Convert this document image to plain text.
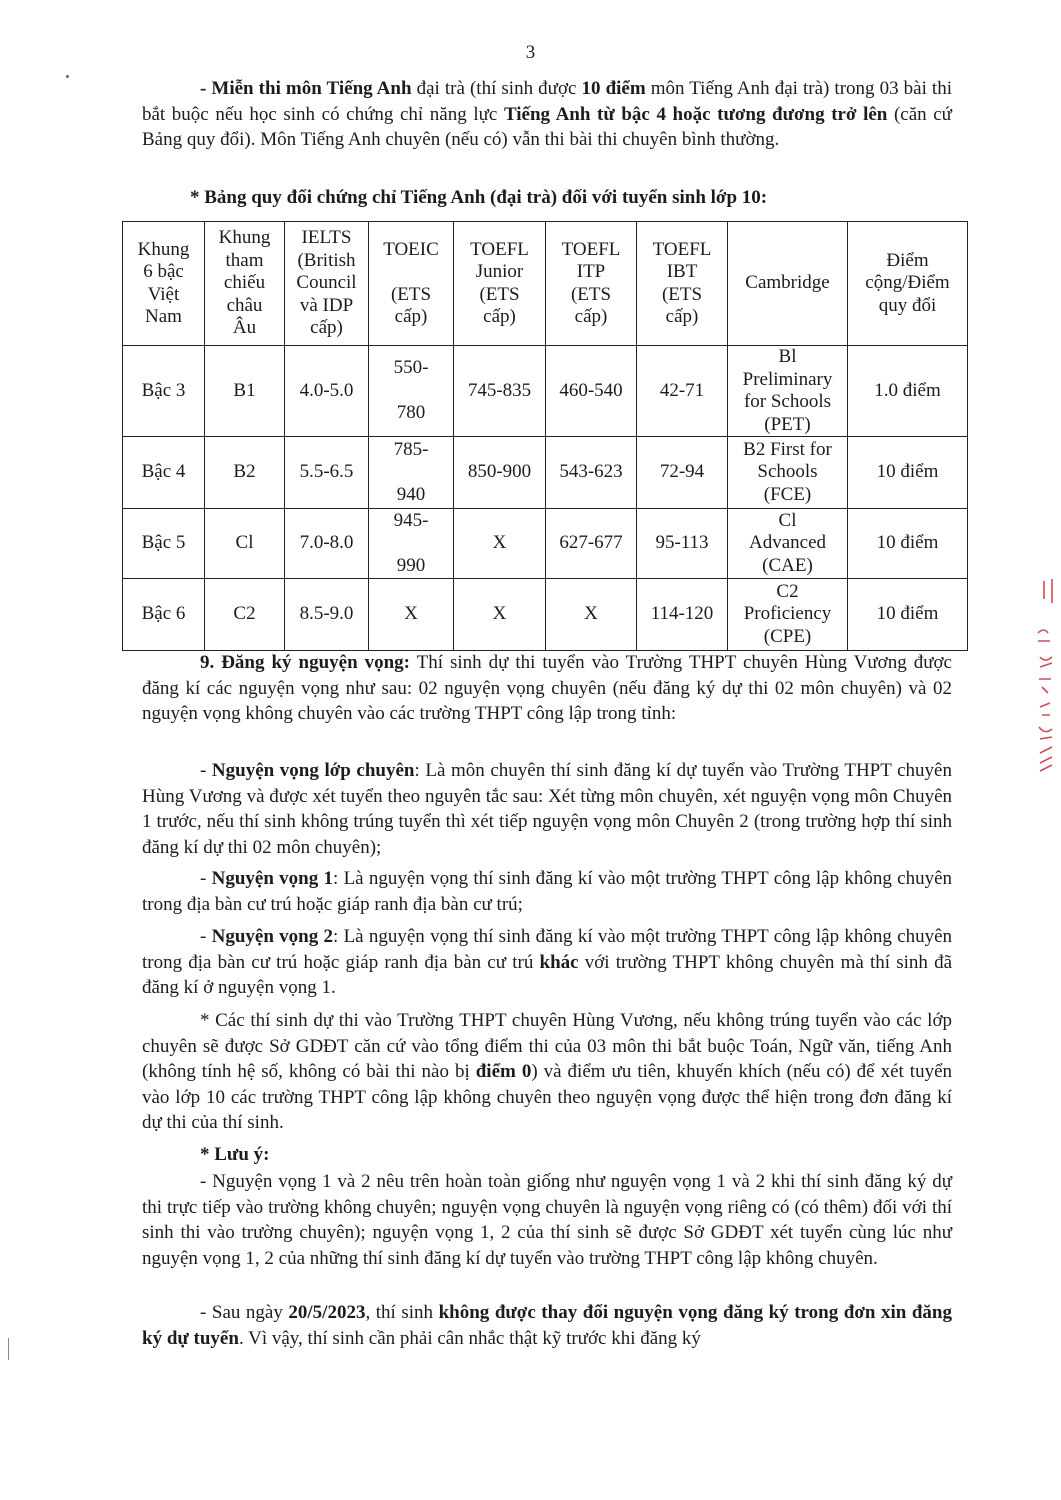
3
- Miễn thi môn Tiếng Anh đại trà (thí sinh được 10 điểm môn Tiếng Anh đại trà) trong 03 bài thi bắt buộc nếu học sinh có chứng chỉ năng lực Tiếng Anh từ bậc 4 hoặc tương đương trở lên (căn cứ Bảng quy đổi). Môn Tiếng Anh chuyên (nếu có) vẫn thi bài thi chuyên bình thường.
* Bảng quy đổi chứng chỉ Tiếng Anh (đại trà) đối với tuyển sinh lớp 10:
Khung
6 bậc
Việt
Nam	Khung
tham
chiếu
châu
Âu	IELTS
(British
Council
và IDP
cấp)	TOEIC

(ETS
cấp)	TOEFL
Junior
(ETS
cấp)	TOEFL
ITP
(ETS
cấp)	TOEFL
IBT
(ETS
cấp)	Cambridge	Điểm
cộng/Điểm
quy đổi
Bậc 3	B1	4.0-5.0	550-

780	745-835	460-540	42-71	Bl
Preliminary
for Schools
(PET)	1.0 điểm
Bậc 4	B2	5.5-6.5	785-

940	850-900	543-623	72-94	B2 First for
Schools
(FCE)	10 điểm
Bậc 5	Cl	7.0-8.0	945-

990	X	627-677	95-113	Cl
Advanced
(CAE)	10 điểm
Bậc 6	C2	8.5-9.0	X	X	X	114-120	C2
Proficiency
(CPE)	10 điểm
9. Đăng ký nguyện vọng: Thí sinh dự thi tuyển vào Trường THPT chuyên Hùng Vương được đăng kí các nguyện vọng như sau: 02 nguyện vọng chuyên (nếu đăng ký dự thi 02 môn chuyên) và 02 nguyện vọng không chuyên vào các trường THPT công lập trong tỉnh:
- Nguyện vọng lớp chuyên: Là môn chuyên thí sinh đăng kí dự tuyển vào Trường THPT chuyên Hùng Vương và được xét tuyển theo nguyên tắc sau: Xét từng môn chuyên, xét nguyện vọng môn Chuyên 1 trước, nếu thí sinh không trúng tuyển thì xét tiếp nguyện vọng môn Chuyên 2 (trong trường hợp thí sinh đăng kí dự thi 02 môn chuyên);
- Nguyện vọng 1: Là nguyện vọng thí sinh đăng kí vào một trường THPT công lập không chuyên trong địa bàn cư trú hoặc giáp ranh địa bàn cư trú;
- Nguyện vọng 2: Là nguyện vọng thí sinh đăng kí vào một trường THPT công lập không chuyên trong địa bàn cư trú hoặc giáp ranh địa bàn cư trú khác với trường THPT không chuyên mà thí sinh đã đăng kí ở nguyện vọng 1.
* Các thí sinh dự thi vào Trường THPT chuyên Hùng Vương, nếu không trúng tuyển vào các lớp chuyên sẽ được Sở GDĐT căn cứ vào tổng điểm thi của 03 môn thi bắt buộc Toán, Ngữ văn, tiếng Anh (không tính hệ số, không có bài thi nào bị điểm 0) và điểm ưu tiên, khuyến khích (nếu có) để xét tuyển vào lớp 10 các trường THPT công lập không chuyên theo nguyện vọng được thể hiện trong đơn đăng kí dự thi của thí sinh.
* Lưu ý:
- Nguyện vọng 1 và 2 nêu trên hoàn toàn giống như nguyện vọng 1 và 2 khi thí sinh đăng ký dự thi trực tiếp vào trường không chuyên; nguyện vọng chuyên là nguyện vọng riêng có (có thêm) đối với thí sinh thi vào trường chuyên); nguyện vọng 1, 2 của thí sinh sẽ được Sở GDĐT xét tuyển cùng lúc như nguyện vọng 1, 2 của những thí sinh đăng kí dự tuyển vào trường THPT công lập không chuyên.
- Sau ngày 20/5/2023, thí sinh không được thay đổi nguyện vọng đăng ký trong đơn xin đăng ký dự tuyển. Vì vậy, thí sinh cần phải cân nhắc thật kỹ trước khi đăng ký
